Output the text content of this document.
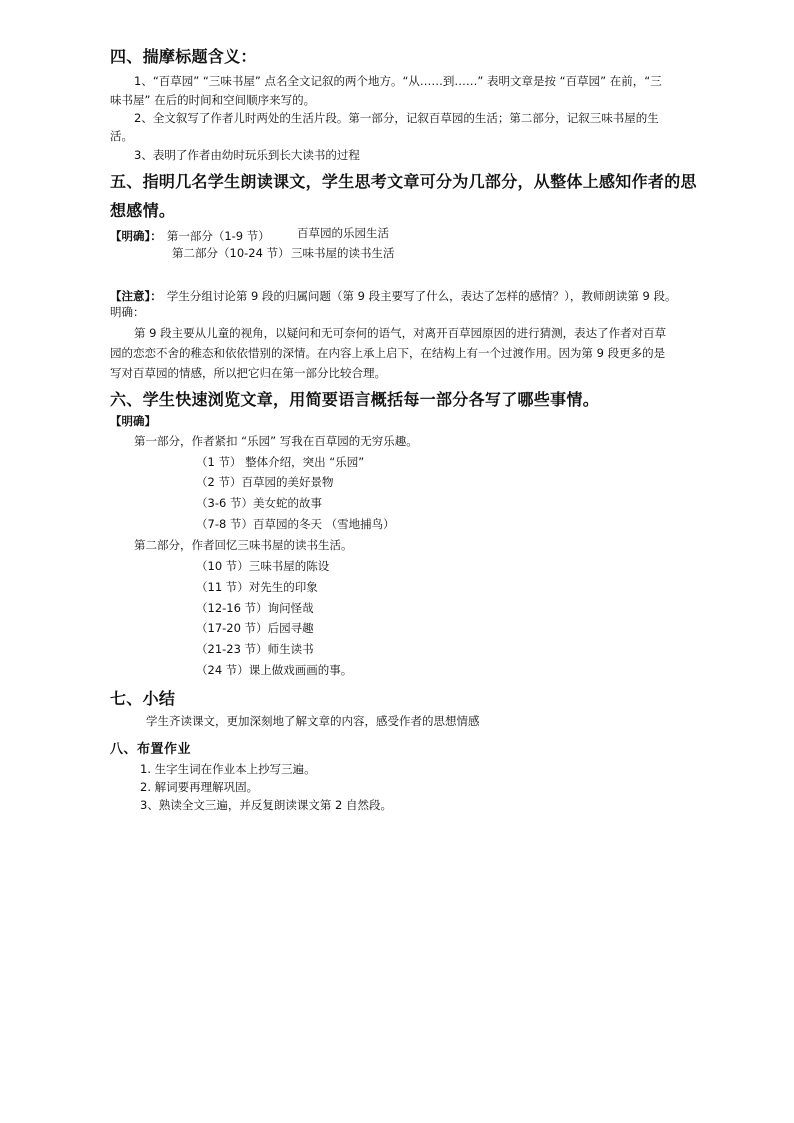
四、揣摩标题含义：
1、“百草园” “三味书屋” 点名全文记叙的两个地方。“从……到……” 表明文章是按 “百草园” 在前，“三
味书屋” 在后的时间和空间顺序来写的。
2、全文叙写了作者儿时两处的生活片段。第一部分，记叙百草园的生活；第二部分，记叙三味书屋的生
活。
3、表明了作者由幼时玩乐到长大读书的过程
五、指明几名学生朗读课文，学生思考文章可分为几部分，从整体上感知作者的思
想感情。
【明确】： 第一部分（1-9 节） 百草园的乐园生活
第二部分（10-24 节） 三味书屋的读书生活
【注意】： 学生分组讨论第 9 段的归属问题（第 9 段主要写了什么，表达了怎样的感情？），教师朗读第 9 段。
明确：
第 9 段主要从儿童的视角，以疑问和无可奈何的语气，对离开百草园原因的进行猜测，表达了作者对百草
园的恋恋不舍的稚态和依依惜别的深情。在内容上承上启下，在结构上有一个过渡作用。因为第 9 段更多的是
写对百草园的情感，所以把它归在第一部分比较合理。
六、学生快速浏览文章，用简要语言概括每一部分各写了哪些事情。
【明确】
第一部分，作者紧扣 “乐园” 写我在百草园的无穷乐趣。
（1 节） 整体介绍，突出 “乐园”
（2 节）百草园的美好景物
（3-6 节）美女蛇的故事
（7-8 节）百草园的冬天 （雪地捕鸟）
第二部分，作者回忆三味书屋的读书生活。
（10 节）三味书屋的陈设
（11 节）对先生的印象
（12-16 节）询问怪哉
（17-20 节）后园寻趣
（21-23 节）师生读书
（24 节）课上做戏画画的事。
七、小结
学生齐读课文，更加深刻地了解文章的内容，感受作者的思想情感
八、布置作业
1. 生字生词在作业本上抄写三遍。
2. 解词要再理解巩固。
3、熟读全文三遍，并反复朗读课文第 2 自然段。
